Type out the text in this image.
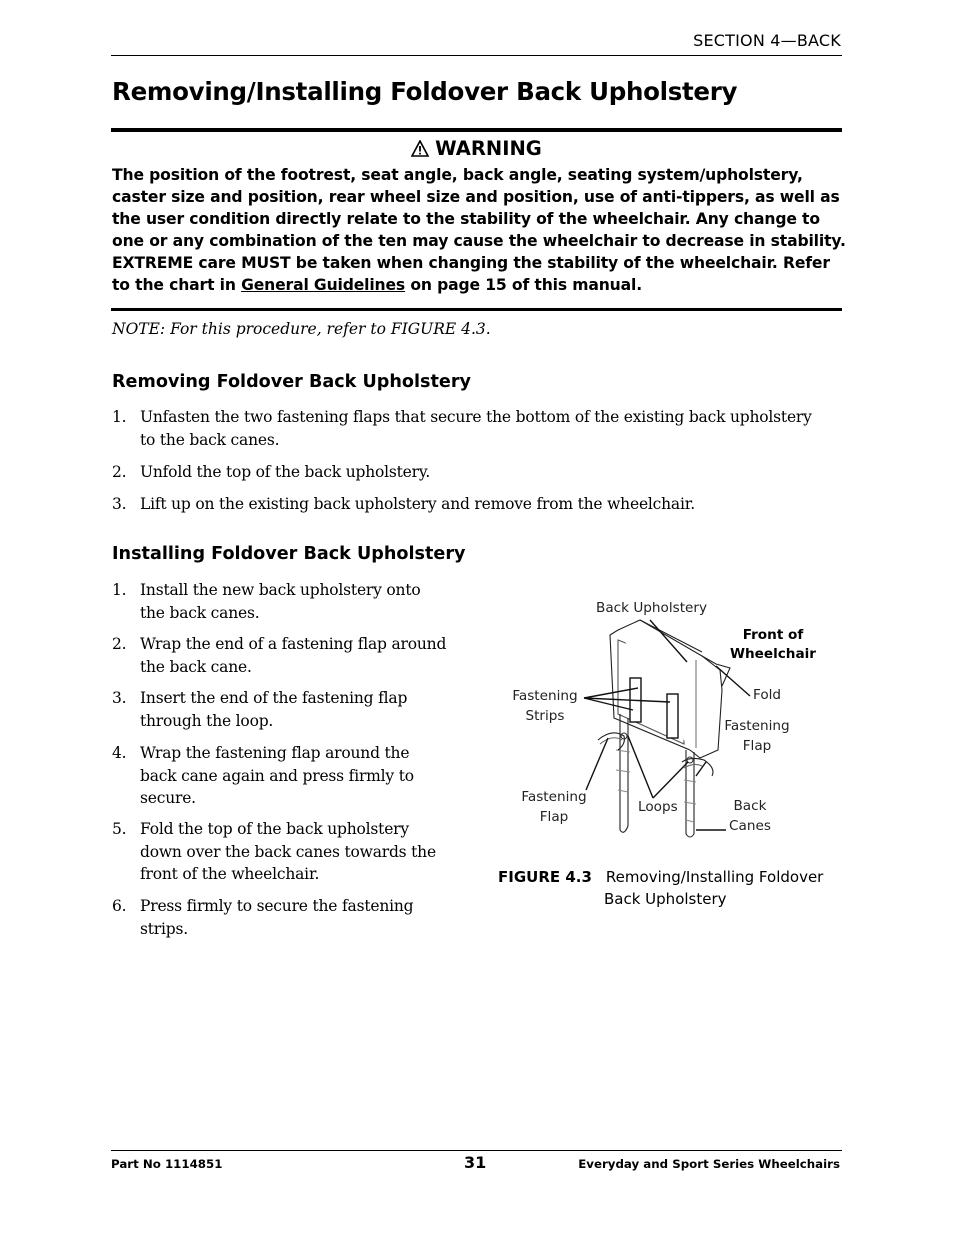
SECTION 4—BACK
Removing/Installing Foldover Back Upholstery
WARNING
The position of the footrest, seat angle, back angle, seating system/upholstery,
caster size and position, rear wheel size and position, use of anti-tippers, as well as
the user condition directly relate to the stability of the wheelchair. Any change to
one or any combination of the ten may cause the wheelchair to decrease in stability.
EXTREME care MUST be taken when changing the stability of the wheelchair. Refer
to the chart in General Guidelines on page 15 of this manual.
NOTE: For this procedure, refer to FIGURE 4.3.
Removing Foldover Back Upholstery
1. Unfasten the two fastening flaps that secure the bottom of the existing back upholstery
to the back canes.
2. Unfold the top of the back upholstery.
3. Lift up on the existing back upholstery and remove from the wheelchair.
Installing Foldover Back Upholstery
1. Install the new back upholstery onto
the back canes.
2. Wrap the end of a fastening flap around
the back cane.
3. Insert the end of the fastening flap
through the loop.
4. Wrap the fastening flap around the
back cane again and press firmly to
secure.
5. Fold the top of the back upholstery
down over the back canes towards the
front of the wheelchair.
6. Press firmly to secure the fastening
strips.
Back Upholstery
Front of
Wheelchair
Fold
Fastening
Strips
Fastening
Flap
Fastening
Flap
Loops	Back
Canes
FIGURE 4.3 Removing/Installing Foldover
Back Upholstery
Part No 1114851	31	Everyday and Sport Series Wheelchairs
